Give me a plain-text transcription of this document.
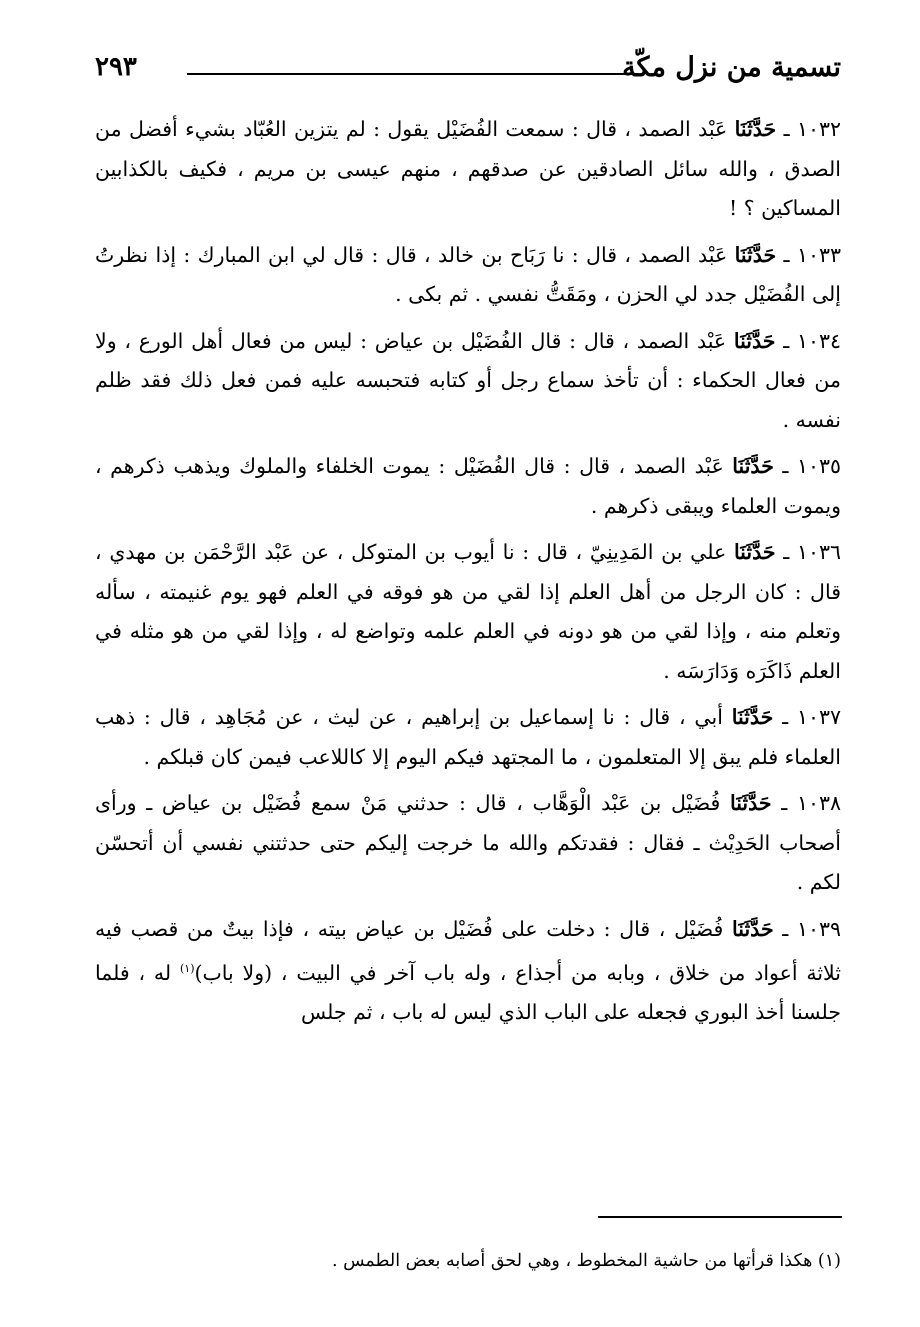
تسمية من نزل مكّة
٢٩٣

١٠٣٢ ـ حَدَّثَنَا عَبْد الصمد ، قال : سمعت الفُضَيْل يقول : لم يتزين العُبّاد بشيء أفضل من الصدق ، والله سائل الصادقين عن صدقهم ، منهم عيسى بن مريم ، فكيف بالكذابين المساكين ؟ !

١٠٣٣ ـ حَدَّثَنَا عَبْد الصمد ، قال : نا رَبَاح بن خالد ، قال : قال لي ابن المبارك : إذا نظرتُ إلى الفُضَيْل جدد لي الحزن ، ومَقَتُّ نفسي . ثم بكى .

١٠٣٤ ـ حَدَّثَنَا عَبْد الصمد ، قال : قال الفُضَيْل بن عياض : ليس من فعال أهل الورع ، ولا من فعال الحكماء : أن تأخذ سماع رجل أو كتابه فتحبسه عليه فمن فعل ذلك فقد ظلم نفسه .

١٠٣٥ ـ حَدَّثَنَا عَبْد الصمد ، قال : قال الفُضَيْل : يموت الخلفاء والملوك ويذهب ذكرهم ، ويموت العلماء ويبقى ذكرهم .

١٠٣٦ ـ حَدَّثَنَا علي بن المَدِينِيّ ، قال : نا أيوب بن المتوكل ، عن عَبْد الرَّحْمَن بن مهدي ، قال : كان الرجل من أهل العلم إذا لقي من هو فوقه في العلم فهو يوم غنيمته ، سأله وتعلم منه ، وإذا لقي من هو دونه في العلم علمه وتواضع له ، وإذا لقي من هو مثله في العلم ذَاكَرَه وَدَارَسَه .

١٠٣٧ ـ حَدَّثَنَا أبي ، قال : نا إسماعيل بن إبراهيم ، عن ليث ، عن مُجَاهِد ، قال : ذهب العلماء فلم يبق إلا المتعلمون ، ما المجتهد فيكم اليوم إلا كاللاعب فيمن كان قبلكم .

١٠٣٨ ـ حَدَّثَنَا فُضَيْل بن عَبْد الْوَهَّاب ، قال : حدثني مَنْ سمع فُضَيْل بن عياض ـ ورأى أصحاب الحَدِيْث ـ فقال : فقدتكم والله ما خرجت إليكم حتى حدثتني نفسي أن أتحسّن لكم .

١٠٣٩ ـ حَدَّثَنَا فُضَيْل ، قال : دخلت على فُضَيْل بن عياض بيته ، فإذا بيتٌ من قصب فيه ثلاثة أعواد من خلاق ، وبابه من أجذاع ، وله باب آخر في البيت ، (ولا باب)$^{(١)}$ له ، فلما جلسنا أخذ البوري فجعله على الباب الذي ليس له باب ، ثم جلس

(١) هكذا قرأتها من حاشية المخطوط ، وهي لحق أصابه بعض الطمس .
